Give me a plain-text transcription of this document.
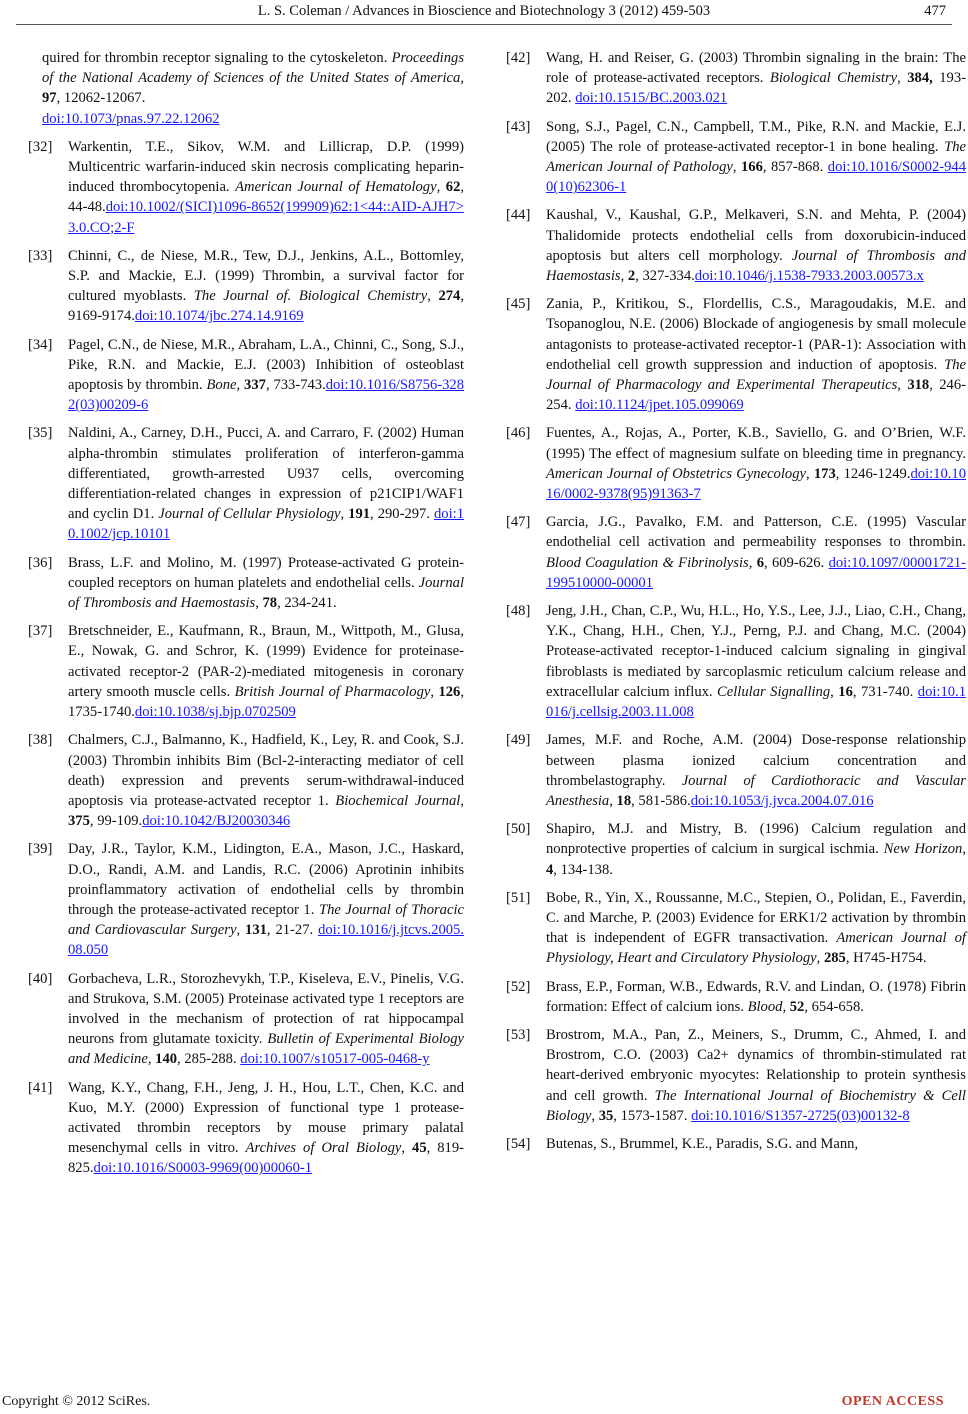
L. S. Coleman / Advances in Bioscience and Biotechnology 3 (2012) 459-503	477
quired for thrombin receptor signaling to the cytoskeleton. Proceedings of the National Academy of Sciences of the United States of America, 97, 12062-12067.
doi:10.1073/pnas.97.22.12062
[32]	Warkentin, T.E., Sikov, W.M. and Lillicrap, D.P. (1999) Multicentric warfarin-induced skin necrosis complicating heparin-induced thrombocytopenia. American Journal of Hematology, 62, 44-48.doi:10.1002/(SICI)1096-8652(199909)62:1<44::AID-AJH7>3.0.CO;2-F
[33]	Chinni, C., de Niese, M.R., Tew, D.J., Jenkins, A.L., Bottomley, S.P. and Mackie, E.J. (1999) Thrombin, a survival factor for cultured myoblasts. The Journal of. Biological Chemistry, 274, 9169-9174.doi:10.1074/jbc.274.14.9169
[34]	Pagel, C.N., de Niese, M.R., Abraham, L.A., Chinni, C., Song, S.J., Pike, R.N. and Mackie, E.J. (2003) Inhibition of osteoblast apoptosis by thrombin. Bone, 337, 733-743.doi:10.1016/S8756-3282(03)00209-6
[35]	Naldini, A., Carney, D.H., Pucci, A. and Carraro, F. (2002) Human alpha-thrombin stimulates proliferation of interferon-gamma differentiated, growth-arrested U937 cells, overcoming differentiation-related changes in expression of p21CIP1/WAF1 and cyclin D1. Journal of Cellular Physiology, 191, 290-297. doi:10.1002/jcp.10101
[36]	Brass, L.F. and Molino, M. (1997) Protease-activated G protein-coupled receptors on human platelets and endothelial cells. Journal of Thrombosis and Haemostasis, 78, 234-241.
[37]	Bretschneider, E., Kaufmann, R., Braun, M., Wittpoth, M., Glusa, E., Nowak, G. and Schror, K. (1999) Evidence for proteinase-activated receptor-2 (PAR-2)-mediated mitogenesis in coronary artery smooth muscle cells. British Journal of Pharmacology, 126, 1735-1740.doi:10.1038/sj.bjp.0702509
[38]	Chalmers, C.J., Balmanno, K., Hadfield, K., Ley, R. and Cook, S.J. (2003) Thrombin inhibits Bim (Bcl-2-interacting mediator of cell death) expression and prevents serum-withdrawal-induced apoptosis via protease-actvated receptor 1. Biochemical Journal, 375, 99-109.doi:10.1042/BJ20030346
[39]	Day, J.R., Taylor, K.M., Lidington, E.A., Mason, J.C., Haskard, D.O., Randi, A.M. and Landis, R.C. (2006) Aprotinin inhibits proinflammatory activation of endothelial cells by thrombin through the protease-activated receptor 1. The Journal of Thoracic and Cardiovascular Surgery, 131, 21-27. doi:10.1016/j.jtcvs.2005.08.050
[40]	Gorbacheva, L.R., Storozhevykh, T.P., Kiseleva, E.V., Pinelis, V.G. and Strukova, S.M. (2005) Proteinase activated type 1 receptors are involved in the mechanism of protection of rat hippocampal neurons from glutamate toxicity. Bulletin of Experimental Biology and Medicine, 140, 285-288. doi:10.1007/s10517-005-0468-y
[41]	Wang, K.Y., Chang, F.H., Jeng, J. H., Hou, L.T., Chen, K.C. and Kuo, M.Y. (2000) Expression of functional type 1 protease-activated thrombin receptors by mouse primary palatal mesenchymal cells in vitro. Archives of Oral Biology, 45, 819-825.doi:10.1016/S0003-9969(00)00060-1
[42]	Wang, H. and Reiser, G. (2003) Thrombin signaling in the brain: The role of protease-activated receptors. Biological Chemistry, 384, 193-202. doi:10.1515/BC.2003.021
[43]	Song, S.J., Pagel, C.N., Campbell, T.M., Pike, R.N. and Mackie, E.J. (2005) The role of protease-activated receptor-1 in bone healing. The American Journal of Pathology, 166, 857-868. doi:10.1016/S0002-9440(10)62306-1
[44]	Kaushal, V., Kaushal, G.P., Melkaveri, S.N. and Mehta, P. (2004) Thalidomide protects endothelial cells from doxorubicin-induced apoptosis but alters cell morphology. Journal of Thrombosis and Haemostasis, 2, 327-334.doi:10.1046/j.1538-7933.2003.00573.x
[45]	Zania, P., Kritikou, S., Flordellis, C.S., Maragoudakis, M.E. and Tsopanoglou, N.E. (2006) Blockade of angiogenesis by small molecule antagonists to protease-activated receptor-1 (PAR-1): Association with endothelial cell growth suppression and induction of apoptosis. The Journal of Pharmacology and Experimental Therapeutics, 318, 246-254. doi:10.1124/jpet.105.099069
[46]	Fuentes, A., Rojas, A., Porter, K.B., Saviello, G. and O’Brien, W.F. (1995) The effect of magnesium sulfate on bleeding time in pregnancy. American Journal of Obstetrics Gynecology, 173, 1246-1249.doi:10.1016/0002-9378(95)91363-7
[47]	Garcia, J.G., Pavalko, F.M. and Patterson, C.E. (1995) Vascular endothelial cell activation and permeability responses to thrombin. Blood Coagulation & Fibrinolysis, 6, 609-626. doi:10.1097/00001721-199510000-00001
[48]	Jeng, J.H., Chan, C.P., Wu, H.L., Ho, Y.S., Lee, J.J., Liao, C.H., Chang, Y.K., Chang, H.H., Chen, Y.J., Perng, P.J. and Chang, M.C. (2004) Protease-activated receptor-1-induced calcium signaling in gingival fibroblasts is mediated by sarcoplasmic reticulum calcium release and extracellular calcium influx. Cellular Signalling, 16, 731-740. doi:10.1016/j.cellsig.2003.11.008
[49]	James, M.F. and Roche, A.M. (2004) Dose-response relationship between plasma ionized calcium concentration and thrombelastography. Journal of Cardiothoracic and Vascular Anesthesia, 18, 581-586.doi:10.1053/j.jvca.2004.07.016
[50]	Shapiro, M.J. and Mistry, B. (1996) Calcium regulation and nonprotective properties of calcium in surgical ischmia. New Horizon, 4, 134-138.
[51]	Bobe, R., Yin, X., Roussanne, M.C., Stepien, O., Polidan, E., Faverdin, C. and Marche, P. (2003) Evidence for ERK1/2 activation by thrombin that is independent of EGFR transactivation. American Journal of Physiology, Heart and Circulatory Physiology, 285, H745-H754.
[52]	Brass, E.P., Forman, W.B., Edwards, R.V. and Lindan, O. (1978) Fibrin formation: Effect of calcium ions. Blood, 52, 654-658.
[53]	Brostrom, M.A., Pan, Z., Meiners, S., Drumm, C., Ahmed, I. and Brostrom, C.O. (2003) Ca2+ dynamics of thrombin-stimulated rat heart-derived embryonic myocytes: Relationship to protein synthesis and cell growth. The International Journal of Biochemistry & Cell Biology, 35, 1573-1587. doi:10.1016/S1357-2725(03)00132-8
[54]	Butenas, S., Brummel, K.E., Paradis, S.G. and Mann,
Copyright © 2012 SciRes.	OPEN ACCESS
